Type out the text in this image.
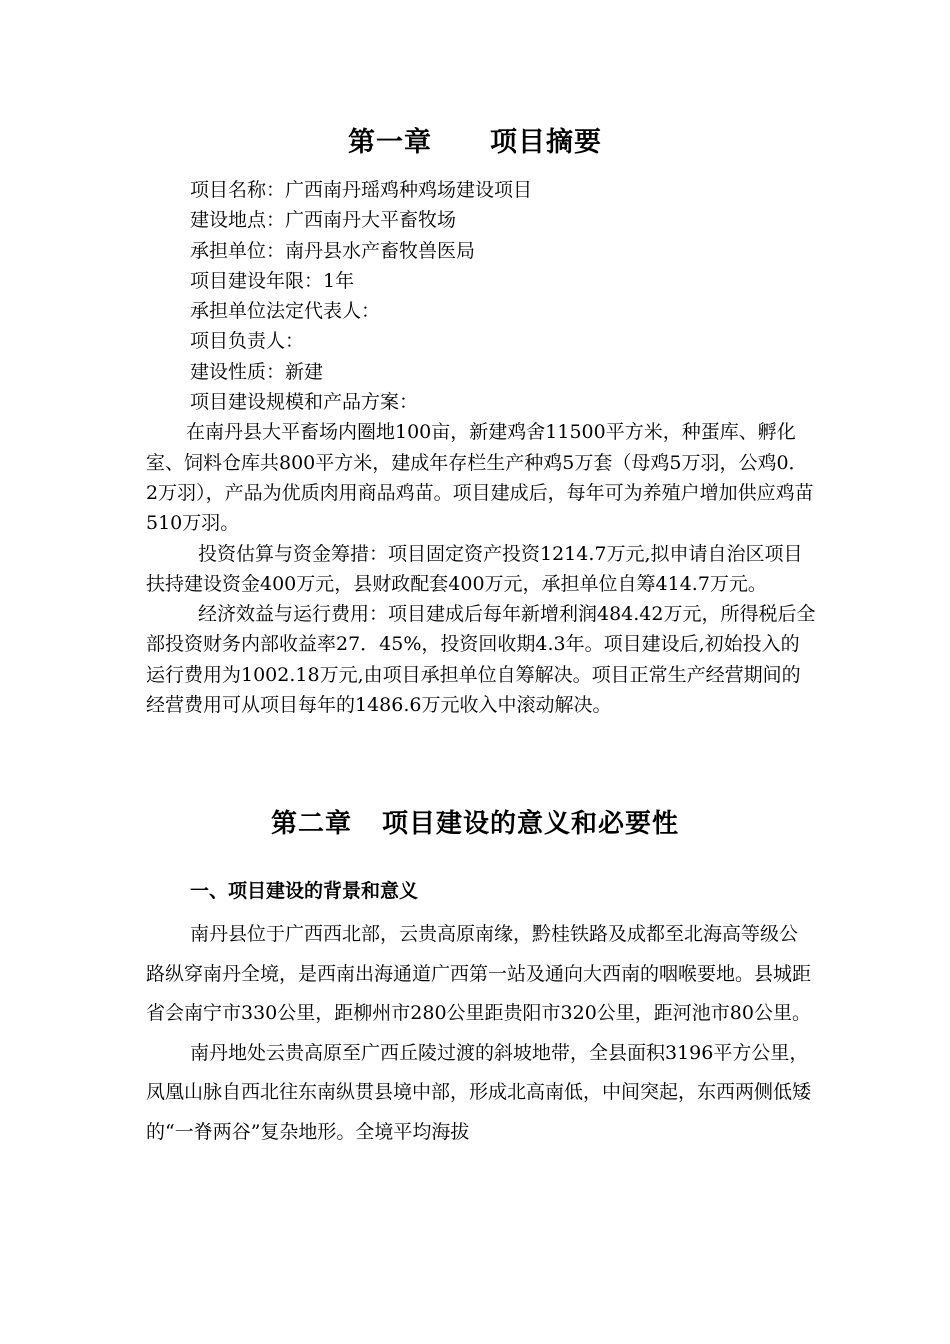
第一章 项目摘要

项目名称：广西南丹瑶鸡种鸡场建设项目

建设地点：广西南丹大平畜牧场

承担单位：南丹县水产畜牧兽医局

项目建设年限：1年

承担单位法定代表人：

项目负责人：

建设性质：新建

项目建设规模和产品方案：

在南丹县大平畜场内圈地100亩，新建鸡舍11500平方米，种蛋库、孵化室、饲料仓库共800平方米，建成年存栏生产种鸡5万套（母鸡5万羽，公鸡0．2万羽），产品为优质肉用商品鸡苗。项目建成后，每年可为养殖户增加供应鸡苗510万羽。

投资估算与资金筹措：项目固定资产投资1214.7万元,拟申请自治区项目扶持建设资金400万元，县财政配套400万元，承担单位自筹414.7万元。

经济效益与运行费用：项目建成后每年新增利润484.42万元，所得税后全部投资财务内部收益率27．45%，投资回收期4.3年。项目建设后,初始投入的运行费用为1002.18万元,由项目承担单位自筹解决。项目正常生产经营期间的经营费用可从项目每年的1486.6万元收入中滚动解决。

第二章 项目建设的意义和必要性
一、项目建设的背景和意义

南丹县位于广西西北部，云贵高原南缘，黔桂铁路及成都至北海高等级公路纵穿南丹全境，是西南出海通道广西第一站及通向大西南的咽喉要地。县城距省会南宁市330公里，距柳州市280公里距贵阳市320公里，距河池市80公里。

南丹地处云贵高原至广西丘陵过渡的斜坡地带，全县面积3196平方公里，凤凰山脉自西北往东南纵贯县境中部，形成北高南低，中间突起，东西两侧低矮的“一脊两谷”复杂地形。全境平均海拔
